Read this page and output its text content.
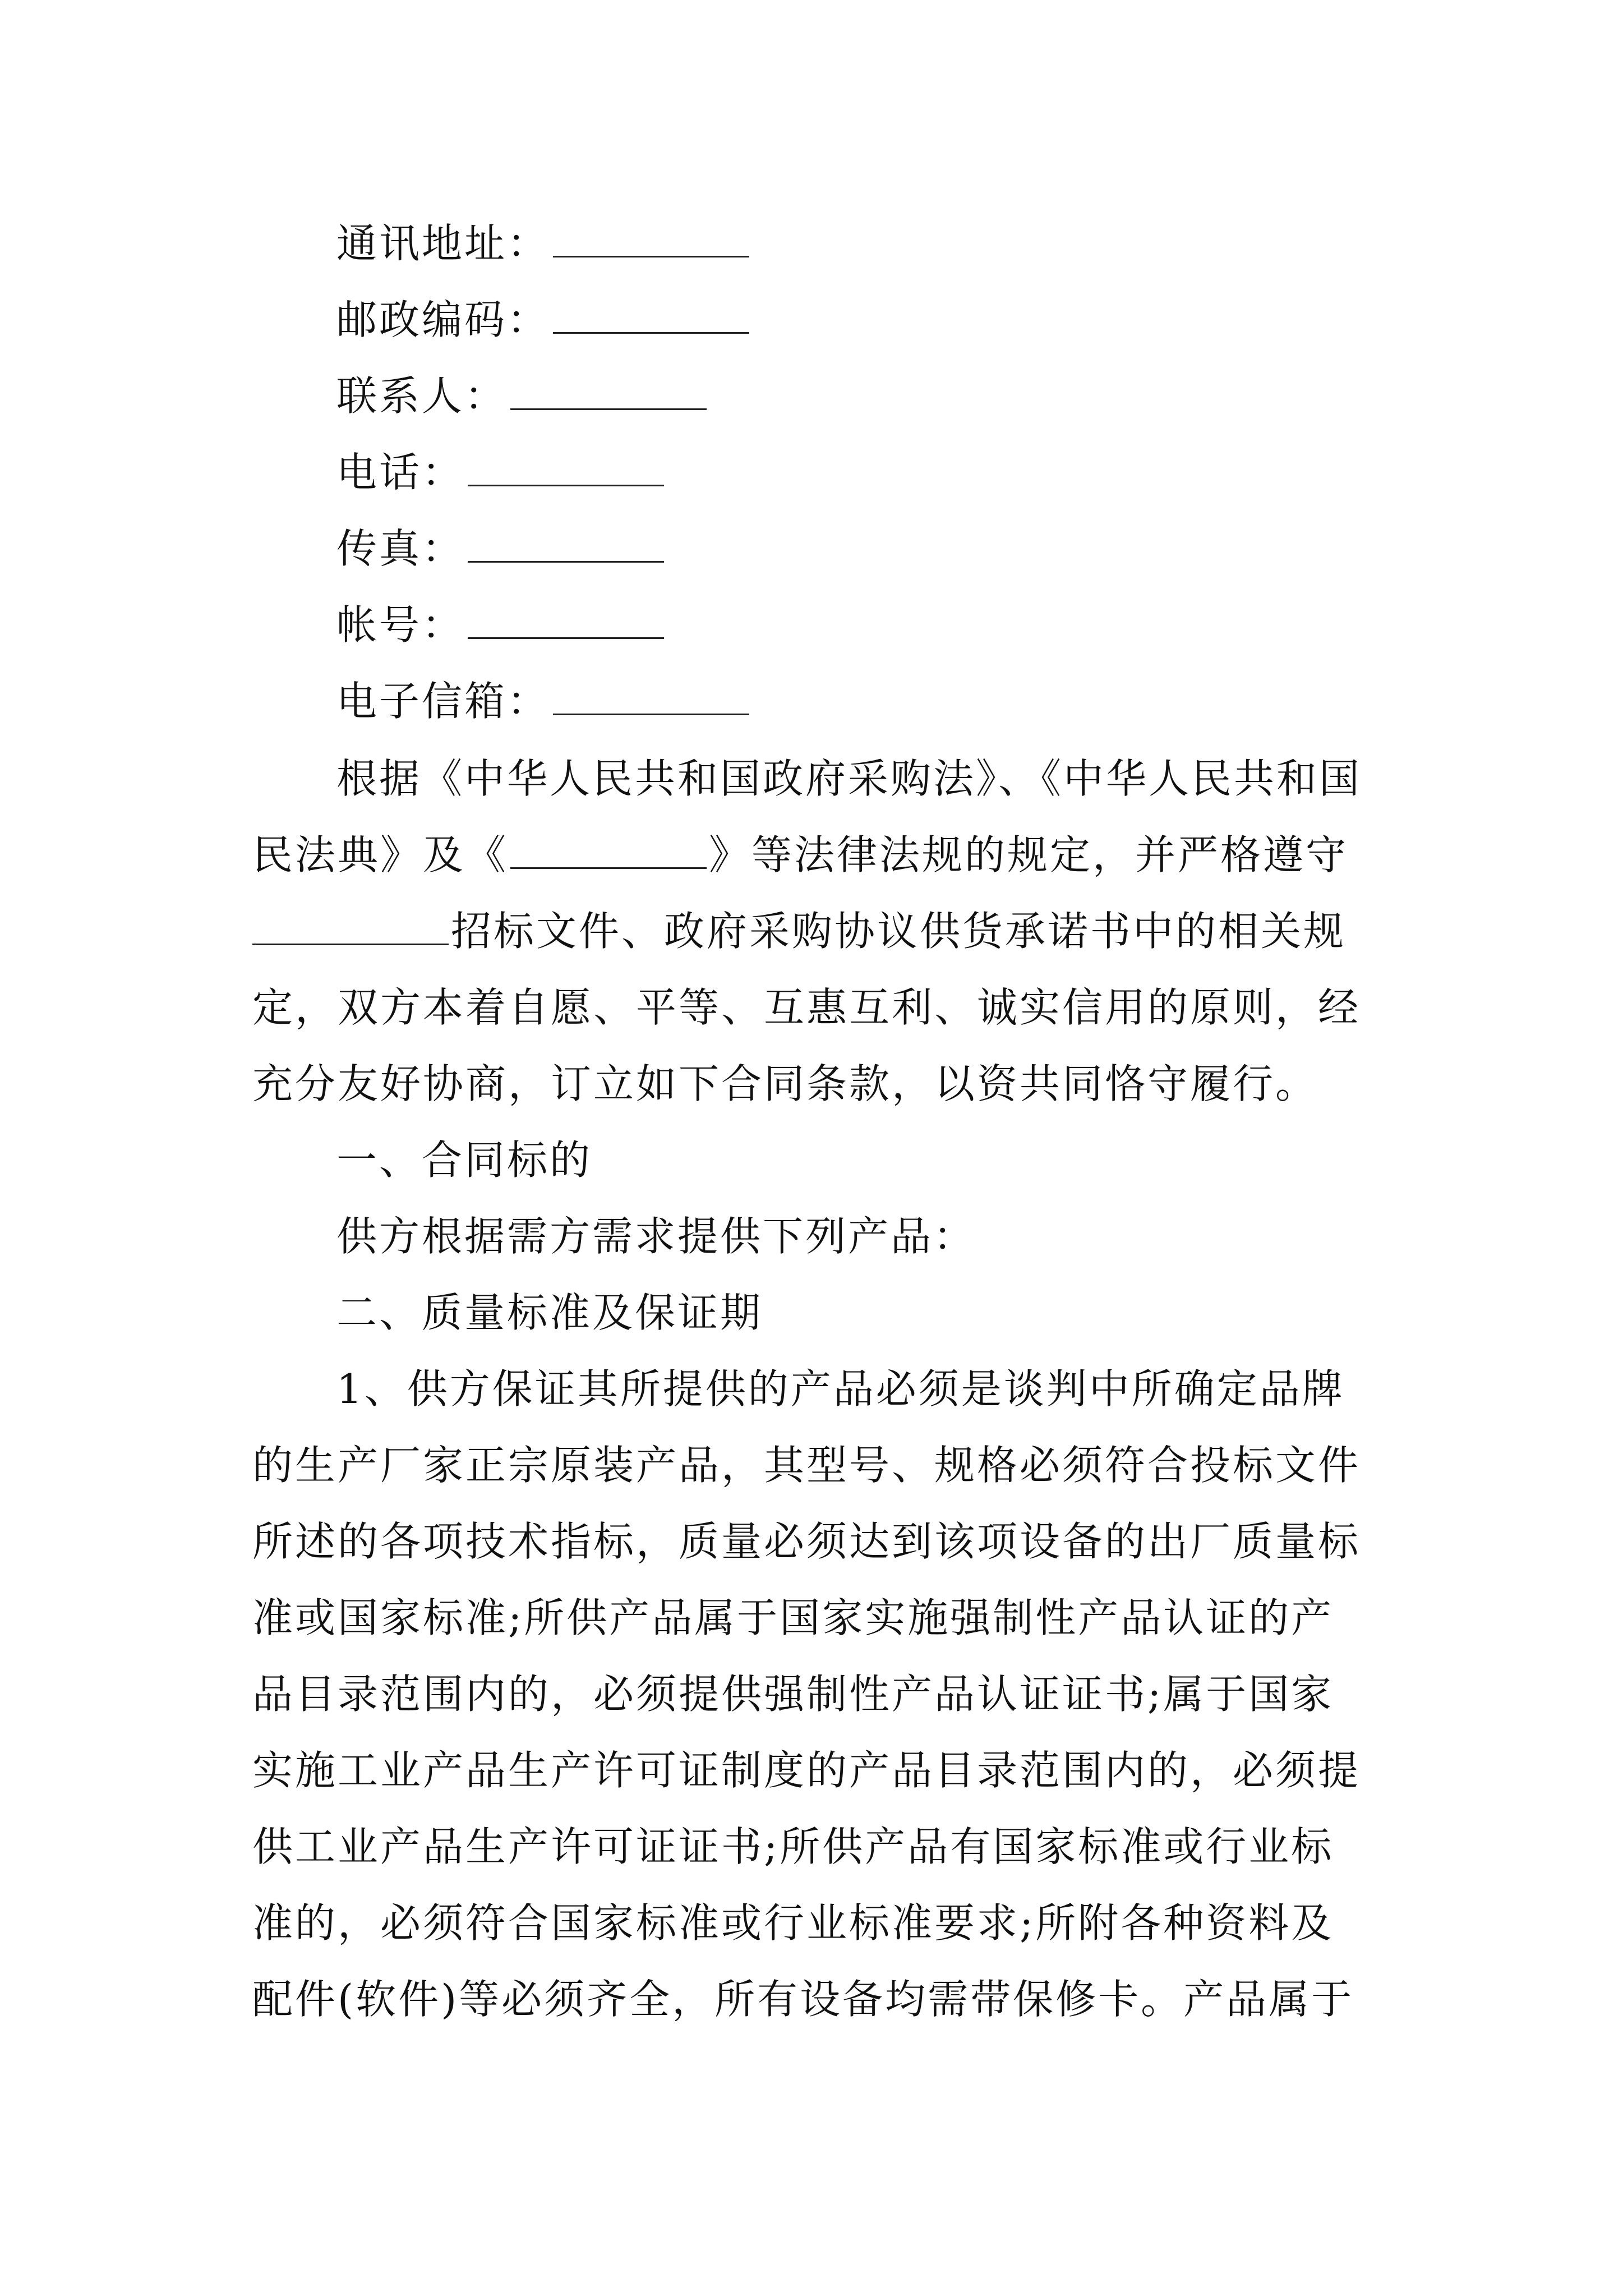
通讯地址：
邮政编码：
联系人：
电话：
传真：
帐号：
电子信箱：
根据《中华人民共和国政府采购法》、《中华人民共和国
民法典》及《	》等法律法规的规定，并严格遵守
招标文件、政府采购协议供货承诺书中的相关规
定，双方本着自愿、平等、互惠互利、诚实信用的原则，经
充分友好协商，订立如下合同条款，以资共同恪守履行。
一、合同标的
供方根据需方需求提供下列产品：
二、质量标准及保证期
1、供方保证其所提供的产品必须是谈判中所确定品牌
的生产厂家正宗原装产品，其型号、规格必须符合投标文件
所述的各项技术指标，质量必须达到该项设备的出厂质量标
准或国家标准;所供产品属于国家实施强制性产品认证的产
品目录范围内的，必须提供强制性产品认证证书;属于国家
实施工业产品生产许可证制度的产品目录范围内的，必须提
供工业产品生产许可证证书;所供产品有国家标准或行业标
准的，必须符合国家标准或行业标准要求;所附各种资料及
配件(软件)等必须齐全，所有设备均需带保修卡。产品属于
